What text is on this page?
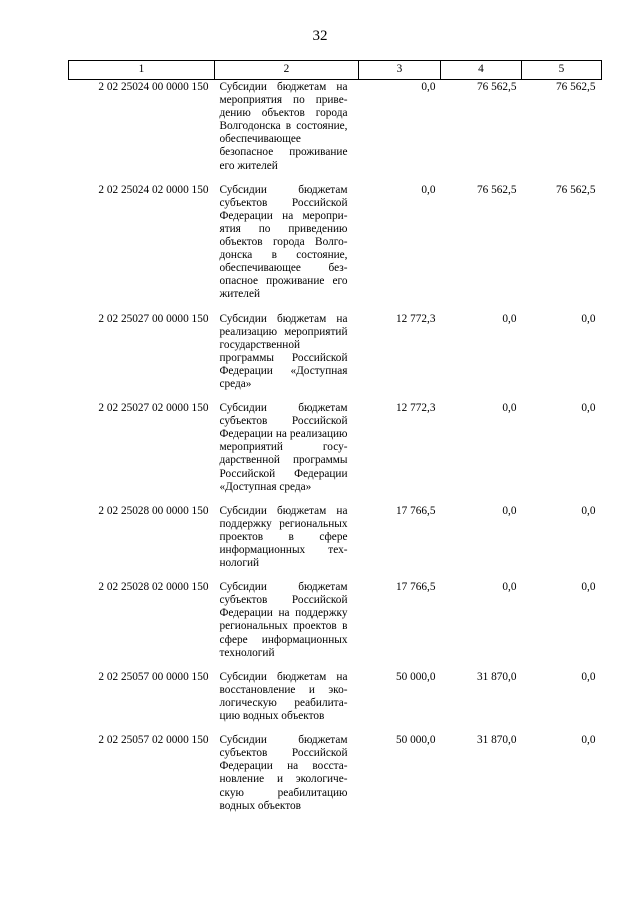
32
1	2	3	4	5
2 02 25024 00 0000 150	Субсидии бюджетам на мероприятия по приведению объектов города Волгодонска в состояние, обеспечивающее безопасное проживание его жителей	0,0	76 562,5	76 562,5
2 02 25024 02 0000 150	Субсидии бюджетам субъектов Российской Федерации на мероприятия по приведению объектов города Волгодонска в состояние, обеспечивающее безопасное проживание его жителей	0,0	76 562,5	76 562,5
2 02 25027 00 0000 150	Субсидии бюджетам на реализацию мероприятий государственной программы Российской Федерации «Доступная среда»	12 772,3	0,0	0,0
2 02 25027 02 0000 150	Субсидии бюджетам субъектов Российской Федерации на реализацию мероприятий государственной программы Российской Федерации «Доступная среда»	12 772,3	0,0	0,0
2 02 25028 00 0000 150	Субсидии бюджетам на поддержку региональных проектов в сфере информационных технологий	17 766,5	0,0	0,0
2 02 25028 02 0000 150	Субсидии бюджетам субъектов Российской Федерации на поддержку региональных проектов в сфере информационных технологий	17 766,5	0,0	0,0
2 02 25057 00 0000 150	Субсидии бюджетам на восстановление и экологическую реабилитацию водных объектов	50 000,0	31 870,0	0,0
2 02 25057 02 0000 150	Субсидии бюджетам субъектов Российской Федерации на восстановление и экологическую реабилитацию водных объектов	50 000,0	31 870,0	0,0
